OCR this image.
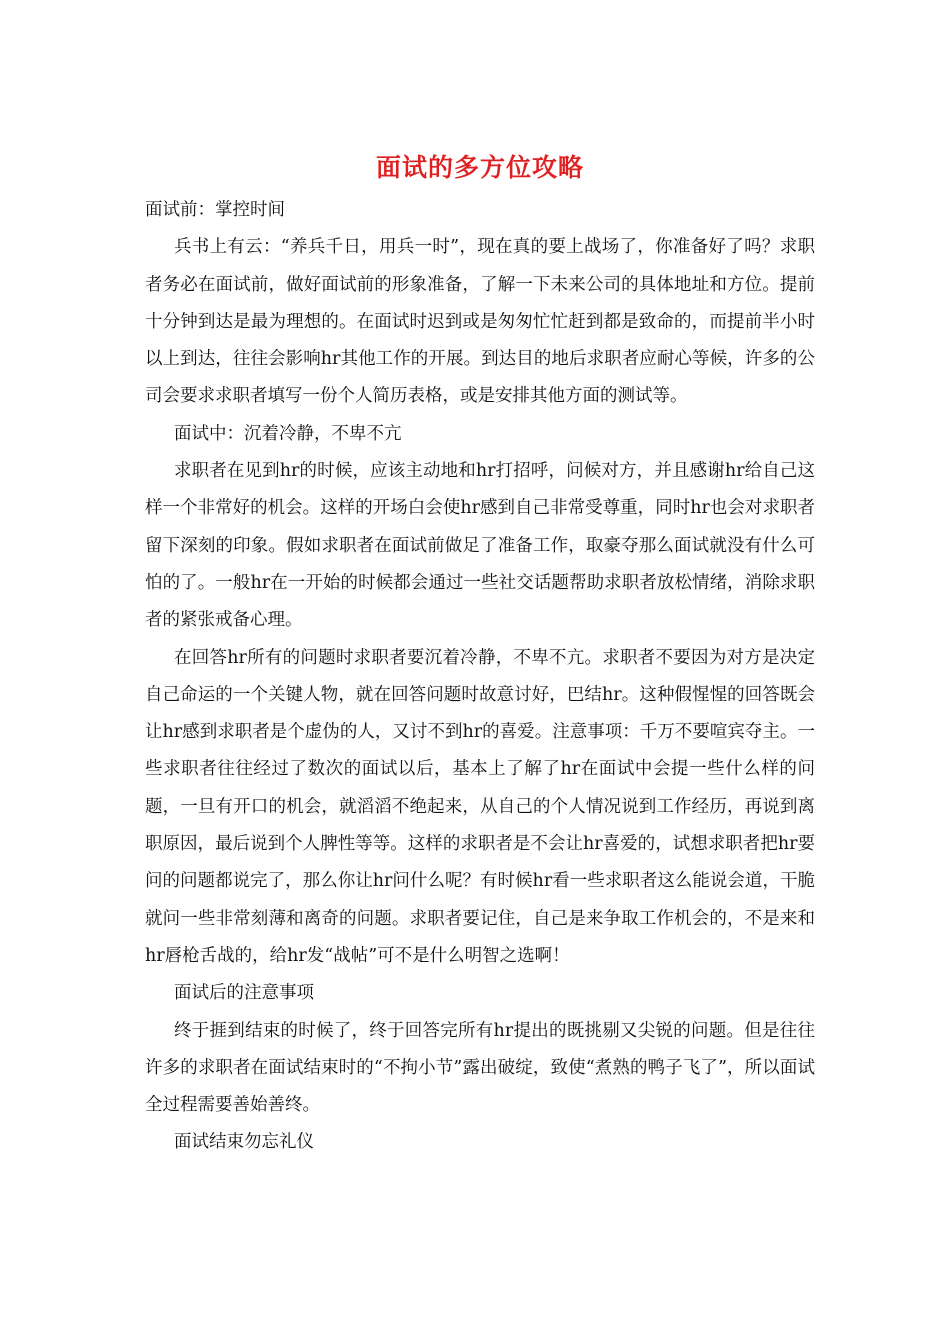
面试的多方位攻略

面试前：掌控时间

兵书上有云：“养兵千日，用兵一时”，现在真的要上战场了，你准备好了吗？求职者务必在面试前，做好面试前的形象准备，了解一下未来公司的具体地址和方位。提前十分钟到达是最为理想的。在面试时迟到或是匆匆忙忙赶到都是致命的，而提前半小时以上到达，往往会影响hr其他工作的开展。到达目的地后求职者应耐心等候，许多的公司会要求求职者填写一份个人简历表格，或是安排其他方面的测试等。

面试中：沉着冷静，不卑不亢

求职者在见到hr的时候，应该主动地和hr打招呼，问候对方，并且感谢hr给自己这样一个非常好的机会。这样的开场白会使hr感到自己非常受尊重，同时hr也会对求职者留下深刻的印象。假如求职者在面试前做足了准备工作，取豪夺那么面试就没有什么可怕的了。一般hr在一开始的时候都会通过一些社交话题帮助求职者放松情绪，消除求职者的紧张戒备心理。

在回答hr所有的问题时求职者要沉着冷静，不卑不亢。求职者不要因为对方是决定自己命运的一个关键人物，就在回答问题时故意讨好，巴结hr。这种假惺惺的回答既会让hr感到求职者是个虚伪的人，又讨不到hr的喜爱。注意事项：千万不要喧宾夺主。一些求职者往往经过了数次的面试以后，基本上了解了hr在面试中会提一些什么样的问题，一旦有开口的机会，就滔滔不绝起来，从自己的个人情况说到工作经历，再说到离职原因，最后说到个人脾性等等。这样的求职者是不会让hr喜爱的，试想求职者把hr要问的问题都说完了，那么你让hr问什么呢？有时候hr看一些求职者这么能说会道，干脆就问一些非常刻薄和离奇的问题。求职者要记住，自己是来争取工作机会的，不是来和hr唇枪舌战的，给hr发“战帖”可不是什么明智之选啊！

面试后的注意事项

终于捱到结束的时候了，终于回答完所有hr提出的既挑剔又尖锐的问题。但是往往许多的求职者在面试结束时的“不拘小节”露出破绽，致使“煮熟的鸭子飞了”，所以面试全过程需要善始善终。

面试结束勿忘礼仪
